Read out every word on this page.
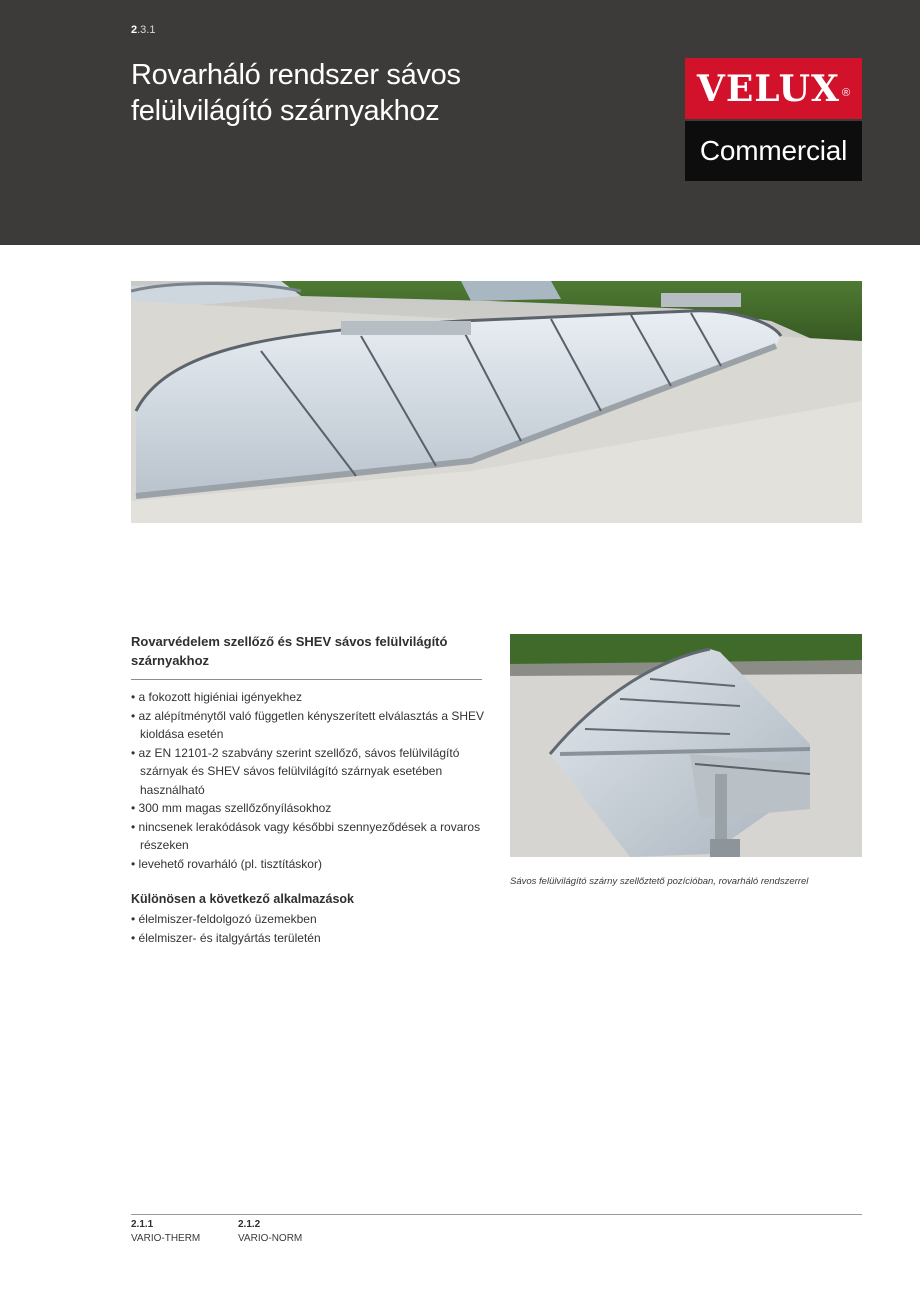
2.3.1
Rovarháló rendszer sávos
felülvilágító szárnyakhoz
VELUX ®
Commercial
Rovarvédelem szellőző és SHEV sávos felülvilágító
szárnyakhoz
• a fokozott higiéniai igényekhez
• az alépítménytől való független kényszerített elválasztás a SHEV kioldása esetén
• az EN 12101-2 szabvány szerint szellőző, sávos felülvilágító szárnyak és SHEV sávos felülvilágító szárnyak esetében használható
• 300 mm magas szellőzőnyílásokhoz
• nincsenek lerakódások vagy későbbi szennyeződések a rovaros részeken
• levehető rovarháló (pl. tisztításkor)
Különösen a következő alkalmazások
• élelmiszer-feldolgozó üzemekben
• élelmiszer- és italgyártás területén
Sávos felülvilágító szárny szellőztető pozícióban, rovarháló rendszerrel
2.1.1
VARIO-THERM
2.1.2
VARIO-NORM
